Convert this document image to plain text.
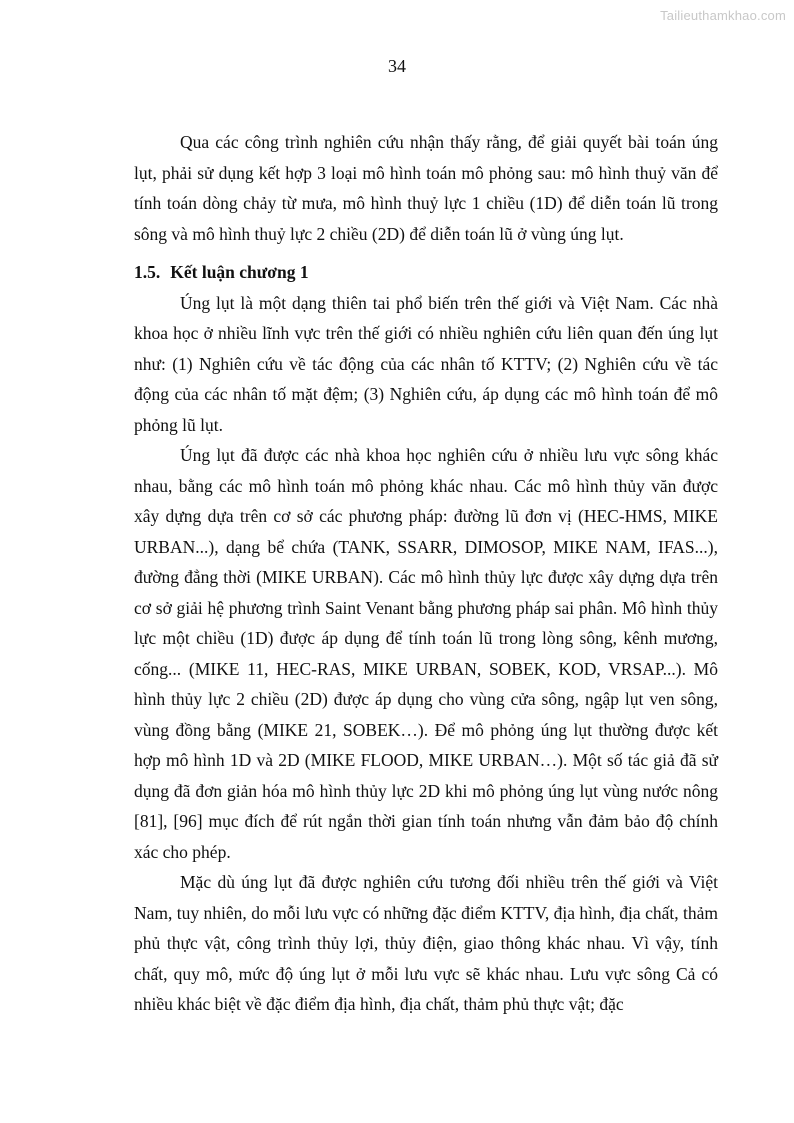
Tailieuthamkhao.com
34

Qua các công trình nghiên cứu nhận thấy rằng, để giải quyết bài toán úng lụt, phải sử dụng kết hợp 3 loại mô hình toán mô phỏng sau: mô hình thuỷ văn để tính toán dòng chảy từ mưa, mô hình thuỷ lực 1 chiều (1D) để diễn toán lũ trong sông và mô hình thuỷ lực 2 chiều (2D) để diễn toán lũ ở vùng úng lụt.

1.5. Kết luận chương 1

Úng lụt là một dạng thiên tai phổ biến trên thế giới và Việt Nam. Các nhà khoa học ở nhiều lĩnh vực trên thế giới có nhiều nghiên cứu liên quan đến úng lụt như: (1) Nghiên cứu về tác động của các nhân tố KTTV; (2) Nghiên cứu về tác động của các nhân tố mặt đệm; (3) Nghiên cứu, áp dụng các mô hình toán để mô phỏng lũ lụt.

Úng lụt đã được các nhà khoa học nghiên cứu ở nhiều lưu vực sông khác nhau, bằng các mô hình toán mô phỏng khác nhau. Các mô hình thủy văn được xây dựng dựa trên cơ sở các phương pháp: đường lũ đơn vị (HEC-HMS, MIKE URBAN...), dạng bể chứa (TANK, SSARR, DIMOSOP, MIKE NAM, IFAS...), đường đẳng thời (MIKE URBAN). Các mô hình thủy lực được xây dựng dựa trên cơ sở giải hệ phương trình Saint Venant bằng phương pháp sai phân. Mô hình thủy lực một chiều (1D) được áp dụng để tính toán lũ trong lòng sông, kênh mương, cống... (MIKE 11, HEC-RAS, MIKE URBAN, SOBEK, KOD, VRSAP...). Mô hình thủy lực 2 chiều (2D) được áp dụng cho vùng cửa sông, ngập lụt ven sông, vùng đồng bằng (MIKE 21, SOBEK…). Để mô phỏng úng lụt thường được kết hợp mô hình 1D và 2D (MIKE FLOOD, MIKE URBAN…). Một số tác giả đã sử dụng đã đơn giản hóa mô hình thủy lực 2D khi mô phỏng úng lụt vùng nước nông [81], [96] mục đích để rút ngắn thời gian tính toán nhưng vẫn đảm bảo độ chính xác cho phép.

Mặc dù úng lụt đã được nghiên cứu tương đối nhiều trên thế giới và Việt Nam, tuy nhiên, do mỗi lưu vực có những đặc điểm KTTV, địa hình, địa chất, thảm phủ thực vật, công trình thủy lợi, thủy điện, giao thông khác nhau. Vì vậy, tính chất, quy mô, mức độ úng lụt ở mỗi lưu vực sẽ khác nhau. Lưu vực sông Cả có nhiều khác biệt về đặc điểm địa hình, địa chất, thảm phủ thực vật; đặc
